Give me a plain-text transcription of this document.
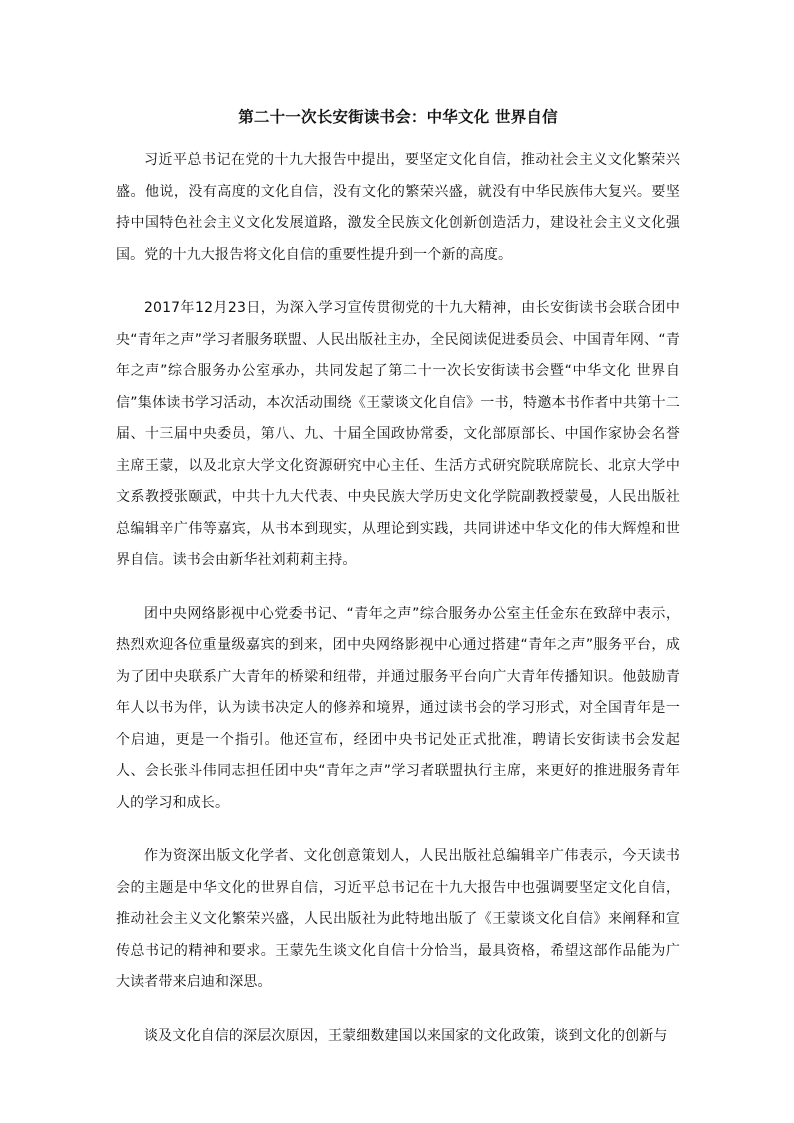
第二十一次长安街读书会：中华文化 世界自信

习近平总书记在党的十九大报告中提出，要坚定文化自信，推动社会主义文化繁荣兴盛。他说，没有高度的文化自信，没有文化的繁荣兴盛，就没有中华民族伟大复兴。要坚持中国特色社会主义文化发展道路，激发全民族文化创新创造活力，建设社会主义文化强国。党的十九大报告将文化自信的重要性提升到一个新的高度。

2017年12月23日，为深入学习宣传贯彻党的十九大精神，由长安街读书会联合团中央“青年之声”学习者服务联盟、人民出版社主办，全民阅读促进委员会、中国青年网、“青年之声”综合服务办公室承办，共同发起了第二十一次长安街读书会暨“中华文化 世界自信”集体读书学习活动，本次活动围绕《王蒙谈文化自信》一书，特邀本书作者中共第十二届、十三届中央委员，第八、九、十届全国政协常委，文化部原部长、中国作家协会名誉主席王蒙，以及北京大学文化资源研究中心主任、生活方式研究院联席院长、北京大学中文系教授张颐武，中共十九大代表、中央民族大学历史文化学院副教授蒙曼，人民出版社总编辑辛广伟等嘉宾，从书本到现实，从理论到实践，共同讲述中华文化的伟大辉煌和世界自信。读书会由新华社刘莉莉主持。

团中央网络影视中心党委书记、“青年之声”综合服务办公室主任金东在致辞中表示，热烈欢迎各位重量级嘉宾的到来，团中央网络影视中心通过搭建“青年之声”服务平台，成为了团中央联系广大青年的桥梁和纽带，并通过服务平台向广大青年传播知识。他鼓励青年人以书为伴，认为读书决定人的修养和境界，通过读书会的学习形式，对全国青年是一个启迪，更是一个指引。他还宣布，经团中央书记处正式批准，聘请长安街读书会发起人、会长张斗伟同志担任团中央“青年之声”学习者联盟执行主席，来更好的推进服务青年人的学习和成长。

作为资深出版文化学者、文化创意策划人，人民出版社总编辑辛广伟表示，今天读书会的主题是中华文化的世界自信，习近平总书记在十九大报告中也强调要坚定文化自信，推动社会主义文化繁荣兴盛，人民出版社为此特地出版了《王蒙谈文化自信》来阐释和宣传总书记的精神和要求。王蒙先生谈文化自信十分恰当，最具资格，希望这部作品能为广大读者带来启迪和深思。

谈及文化自信的深层次原因，王蒙细数建国以来国家的文化政策，谈到文化的创新与
